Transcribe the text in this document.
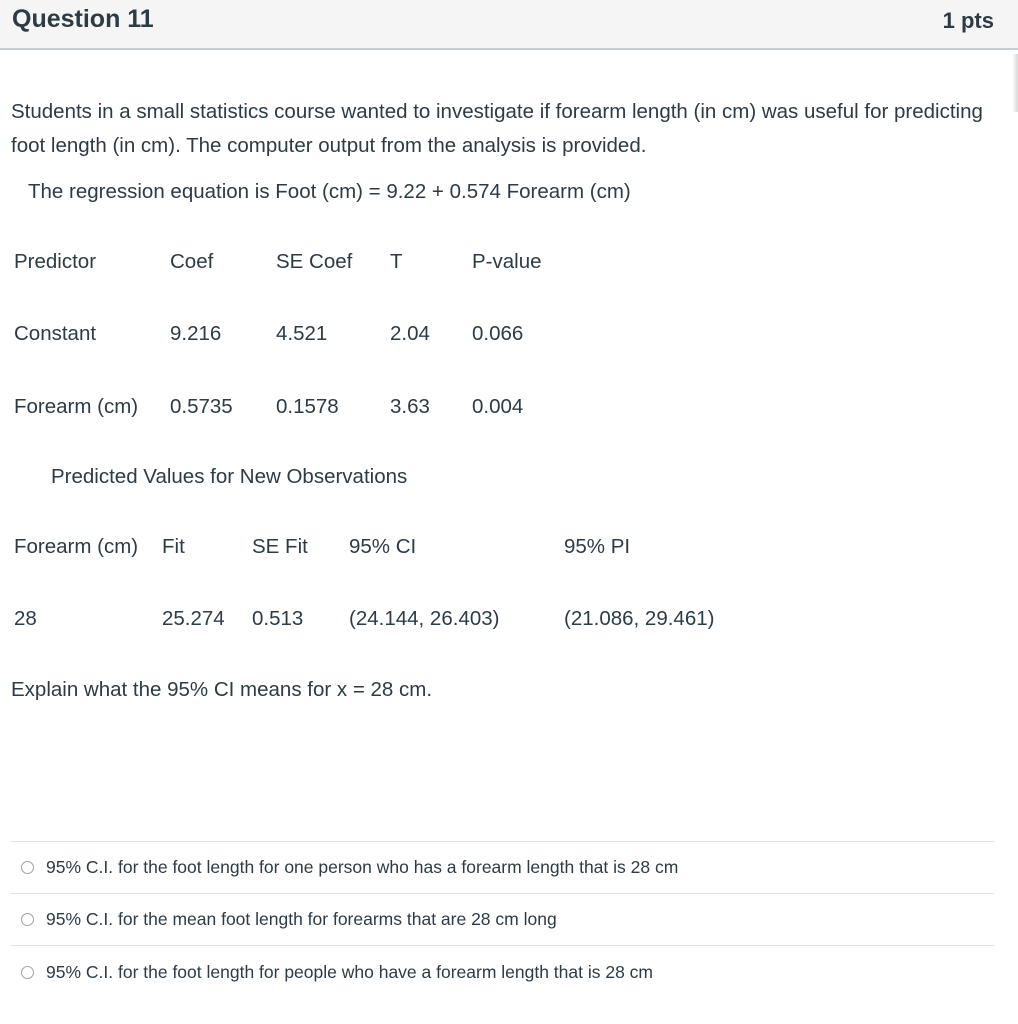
Question 11	1 pts
Students in a small statistics course wanted to investigate if forearm length (in cm) was useful for predicting foot length (in cm). The computer output from the analysis is provided.
The regression equation is Foot (cm) = 9.22 + 0.574 Forearm (cm)
Predictor	Coef	SE Coef T	P-value
Constant	9.216	4.521	2.04 0.066
Forearm (cm) 0.5735 0.1578	3.63 0.004
Predicted Values for New Observations
Forearm (cm) Fit	SE Fit 95% CI	95% PI
28	25.274 0.513 (24.144, 26.403)	(21.086, 29.461)
Explain what the 95% CI means for x = 28 cm.
95% C.I. for the foot length for one person who has a forearm length that is 28 cm
95% C.I. for the mean foot length for forearms that are 28 cm long
95% C.I. for the foot length for people who have a forearm length that is 28 cm
